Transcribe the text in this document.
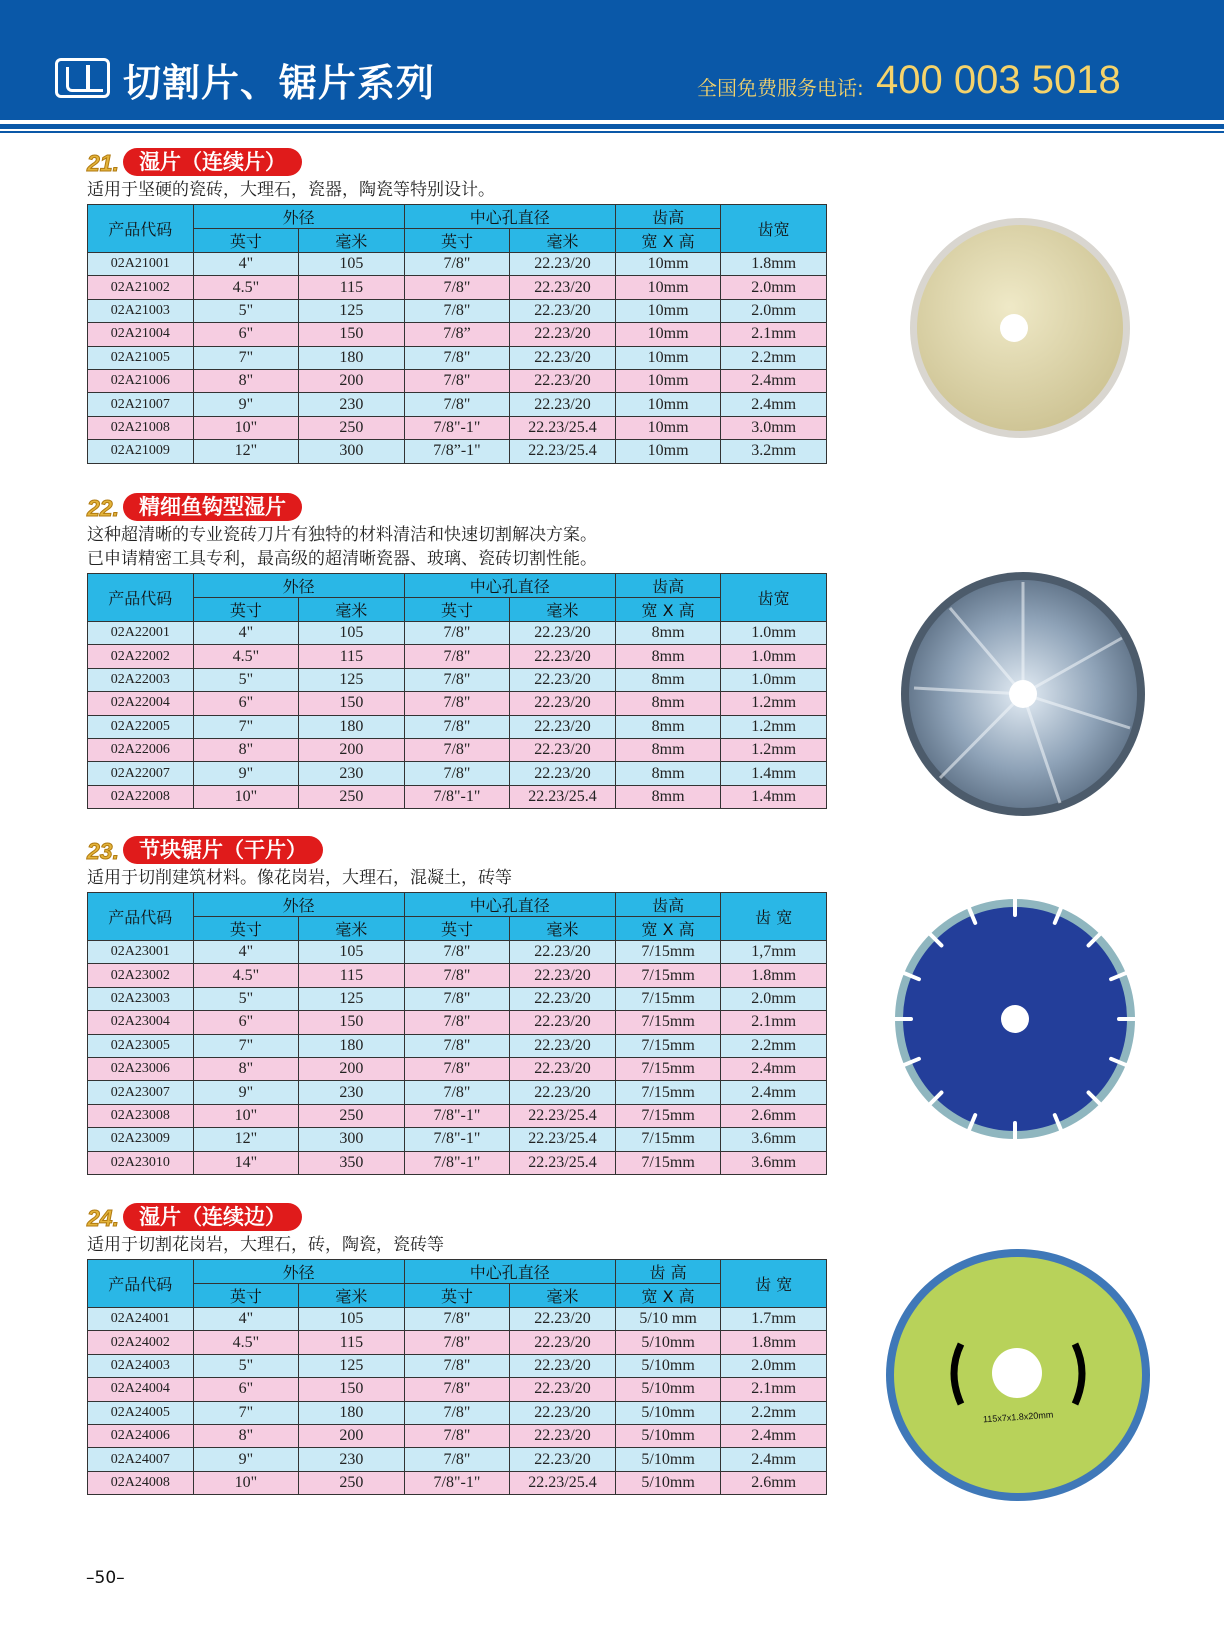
切割片、锯片系列	全国免费服务电话: 400 003 5018
21. 湿片（连续片）
适用于坚硬的瓷砖，大理石，瓷器，陶瓷等特别设计。
产品代码	外径		中心孔直径		齿高	齿宽
	英寸	毫米	英寸	毫米	宽 X 高	
02A21001	4"	105	7/8"	22.23/20	10mm	1.8mm
02A21002	4.5"	115	7/8"	22.23/20	10mm	2.0mm
02A21003	5"	125	7/8"	22.23/20	10mm	2.0mm
02A21004	6"	150	7/8”	22.23/20	10mm	2.1mm
02A21005	7"	180	7/8"	22.23/20	10mm	2.2mm
02A21006	8"	200	7/8"	22.23/20	10mm	2.4mm
02A21007	9"	230	7/8"	22.23/20	10mm	2.4mm
02A21008	10"	250	7/8"-1"	22.23/25.4	10mm	3.0mm
02A21009	12"	300	7/8”-1"	22.23/25.4	10mm	3.2mm
22. 精细鱼钩型湿片
这种超清晰的专业瓷砖刀片有独特的材料清洁和快速切割解决方案。
已申请精密工具专利，最高级的超清晰瓷器、玻璃、瓷砖切割性能。
产品代码	外径		中心孔直径		齿高	齿宽
	英寸	毫米	英寸	毫米	宽 X 高	
02A22001	4"	105	7/8"	22.23/20	8mm	1.0mm
02A22002	4.5"	115	7/8"	22.23/20	8mm	1.0mm
02A22003	5"	125	7/8"	22.23/20	8mm	1.0mm
02A22004	6"	150	7/8"	22.23/20	8mm	1.2mm
02A22005	7"	180	7/8"	22.23/20	8mm	1.2mm
02A22006	8"	200	7/8"	22.23/20	8mm	1.2mm
02A22007	9"	230	7/8"	22.23/20	8mm	1.4mm
02A22008	10"	250	7/8"-1"	22.23/25.4	8mm	1.4mm
23. 节块锯片（干片）
适用于切削建筑材料。像花岗岩，大理石，混凝土，砖等
产品代码	外径		中心孔直径		齿高	齿 宽
	英寸	毫米	英寸	毫米	宽 X 高	
02A23001	4"	105	7/8"	22.23/20	7/15mm	1,7mm
02A23002	4.5"	115	7/8"	22.23/20	7/15mm	1.8mm
02A23003	5"	125	7/8"	22.23/20	7/15mm	2.0mm
02A23004	6"	150	7/8"	22.23/20	7/15mm	2.1mm
02A23005	7"	180	7/8"	22.23/20	7/15mm	2.2mm
02A23006	8"	200	7/8"	22.23/20	7/15mm	2.4mm
02A23007	9"	230	7/8"	22.23/20	7/15mm	2.4mm
02A23008	10"	250	7/8"-1"	22.23/25.4	7/15mm	2.6mm
02A23009	12"	300	7/8"-1"	22.23/25.4	7/15mm	3.6mm
02A23010	14"	350	7/8"-1"	22.23/25.4	7/15mm	3.6mm
24. 湿片（连续边）
适用于切割花岗岩，大理石，砖，陶瓷，瓷砖等
产品代码	外径		中心孔直径		齿 高	齿 宽
	英寸	毫米	英寸	毫米	宽 X 高	
02A24001	4"	105	7/8"	22.23/20	5/10 mm	1.7mm
02A24002	4.5"	115	7/8"	22.23/20	5/10mm	1.8mm
02A24003	5"	125	7/8"	22.23/20	5/10mm	2.0mm
02A24004	6"	150	7/8"	22.23/20	5/10mm	2.1mm
02A24005	7"	180	7/8"	22.23/20	5/10mm	2.2mm
02A24006	8"	200	7/8"	22.23/20	5/10mm	2.4mm
02A24007	9"	230	7/8"	22.23/20	5/10mm	2.4mm
02A24008	10"	250	7/8"-1"	22.23/25.4	5/10mm	2.6mm
115x7x1.8x20mm
–50–
